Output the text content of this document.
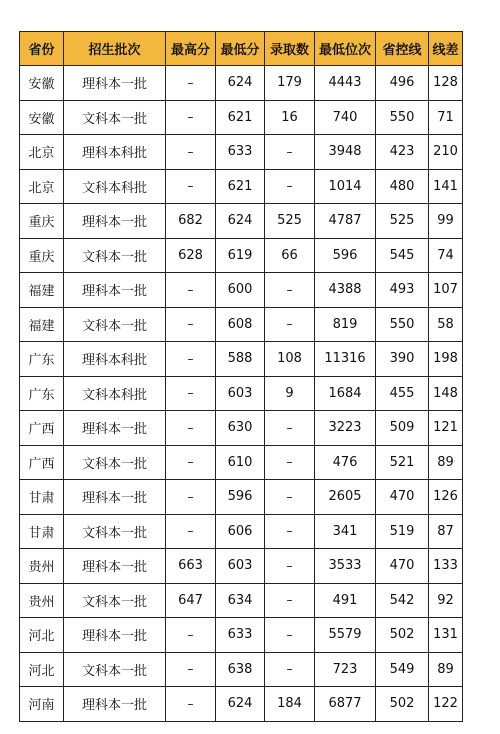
省份	招生批次	最高分	最低分	录取数	最低位次	省控线	线差
安徽	理科本一批	–	624	179	4443	496	128
安徽	文科本一批	–	621	16	740	550	71
北京	理科本科批	–	633	–	3948	423	210
北京	文科本科批	–	621	–	1014	480	141
重庆	理科本一批	682	624	525	4787	525	99
重庆	文科本一批	628	619	66	596	545	74
福建	理科本一批	–	600	–	4388	493	107
福建	文科本一批	–	608	–	819	550	58
广东	理科本科批	–	588	108	11316	390	198
广东	文科本科批	–	603	9	1684	455	148
广西	理科本一批	–	630	–	3223	509	121
广西	文科本一批	–	610	–	476	521	89
甘肃	理科本一批	–	596	–	2605	470	126
甘肃	文科本一批	–	606	–	341	519	87
贵州	理科本一批	663	603	–	3533	470	133
贵州	文科本一批	647	634	–	491	542	92
河北	理科本一批	–	633	–	5579	502	131
河北	文科本一批	–	638	–	723	549	89
河南	理科本一批	–	624	184	6877	502	122
